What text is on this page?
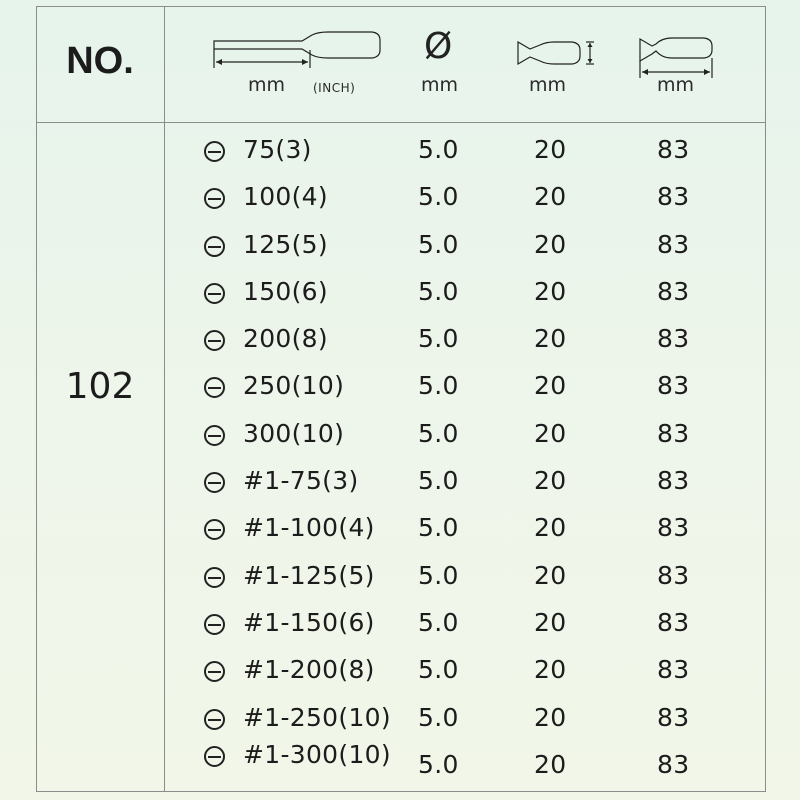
NO.
mm (INCH)
Ø
mm	mm	mm
102
75(3)	5.0	20	83
100(4)	5.0	20	83
125(5)	5.0	20	83
150(6)	5.0	20	83
200(8)	5.0	20	83
250(10)	5.0	20	83
300(10)	5.0	20	83
#1-75(3) 5.0	20	83
#1-100(4) 5.0	20	83
#1-125(5) 5.0	20	83
#1-150(6) 5.0	20	83
#1-200(8) 5.0	20	83
#1-250(10) 5.0	20	83
#1-300(10) 5.0	20	83
